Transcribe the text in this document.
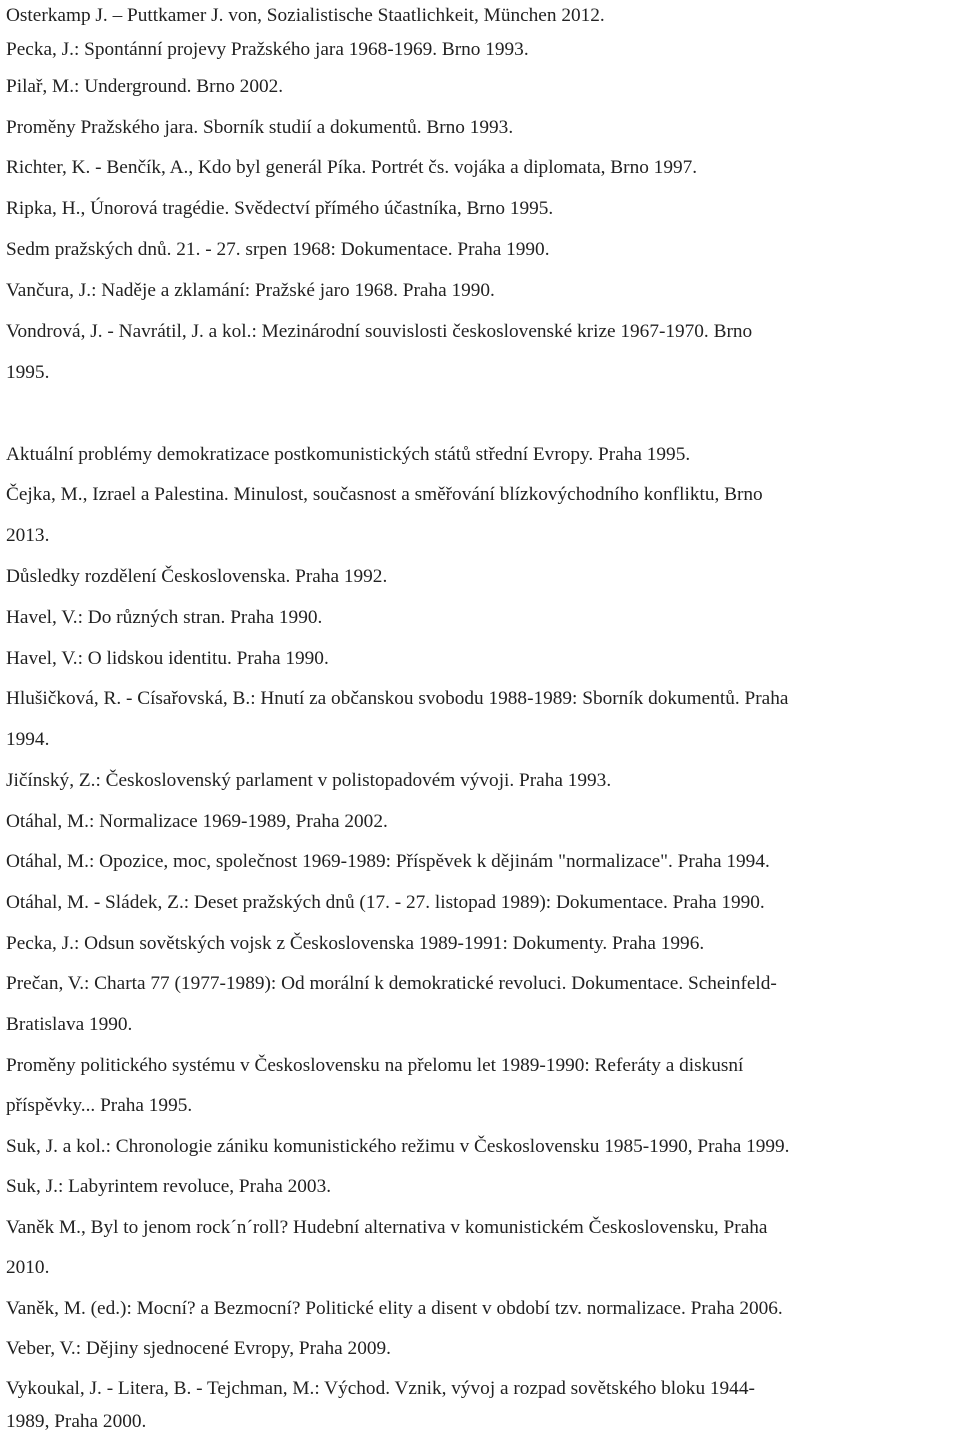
Osterkamp J. – Puttkamer J. von, Sozialistische Staatlichkeit, München 2012.
Pecka, J.: Spontánní projevy Pražského jara 1968-1969. Brno 1993.
Pilař, M.: Underground. Brno 2002.
Proměny Pražského jara. Sborník studií a dokumentů. Brno 1993.
Richter, K. - Benčík, A., Kdo byl generál Píka. Portrét čs. vojáka a diplomata, Brno 1997.
Ripka, H., Únorová tragédie. Svědectví přímého účastníka, Brno 1995.
Sedm pražských dnů. 21. - 27. srpen 1968: Dokumentace. Praha 1990.
Vančura, J.: Naděje a zklamání: Pražské jaro 1968. Praha 1990.
Vondrová, J. - Navrátil, J. a kol.: Mezinárodní souvislosti československé krize 1967-1970. Brno
1995.
Aktuální problémy demokratizace postkomunistických států střední Evropy. Praha 1995.
Čejka, M., Izrael a Palestina. Minulost, současnost a směřování blízkovýchodního konfliktu, Brno
2013.
Důsledky rozdělení Československa. Praha 1992.
Havel, V.: Do různých stran. Praha 1990.
Havel, V.: O lidskou identitu. Praha 1990.
Hlušičková, R. - Císařovská, B.: Hnutí za občanskou svobodu 1988-1989: Sborník dokumentů. Praha
1994.
Jičínský, Z.: Československý parlament v polistopadovém vývoji. Praha 1993.
Otáhal, M.: Normalizace 1969-1989, Praha 2002.
Otáhal, M.: Opozice, moc, společnost 1969-1989: Příspěvek k dějinám "normalizace". Praha 1994.
Otáhal, M. - Sládek, Z.: Deset pražských dnů (17. - 27. listopad 1989): Dokumentace. Praha 1990.
Pecka, J.: Odsun sovětských vojsk z Československa 1989-1991: Dokumenty. Praha 1996.
Prečan, V.: Charta 77 (1977-1989): Od morální k demokratické revoluci. Dokumentace. Scheinfeld-
Bratislava 1990.
Proměny politického systému v Československu na přelomu let 1989-1990: Referáty a diskusní
příspěvky... Praha 1995.
Suk, J. a kol.: Chronologie zániku komunistického režimu v Československu 1985-1990, Praha 1999.
Suk, J.: Labyrintem revoluce, Praha 2003.
Vaněk M., Byl to jenom rock´n´roll? Hudební alternativa v komunistickém Československu, Praha
2010.
Vaněk, M. (ed.): Mocní? a Bezmocní? Politické elity a disent v období tzv. normalizace. Praha 2006.
Veber, V.: Dějiny sjednocené Evropy, Praha 2009.
Vykoukal, J. - Litera, B. - Tejchman, M.: Východ. Vznik, vývoj a rozpad sovětského bloku 1944-
1989, Praha 2000.
